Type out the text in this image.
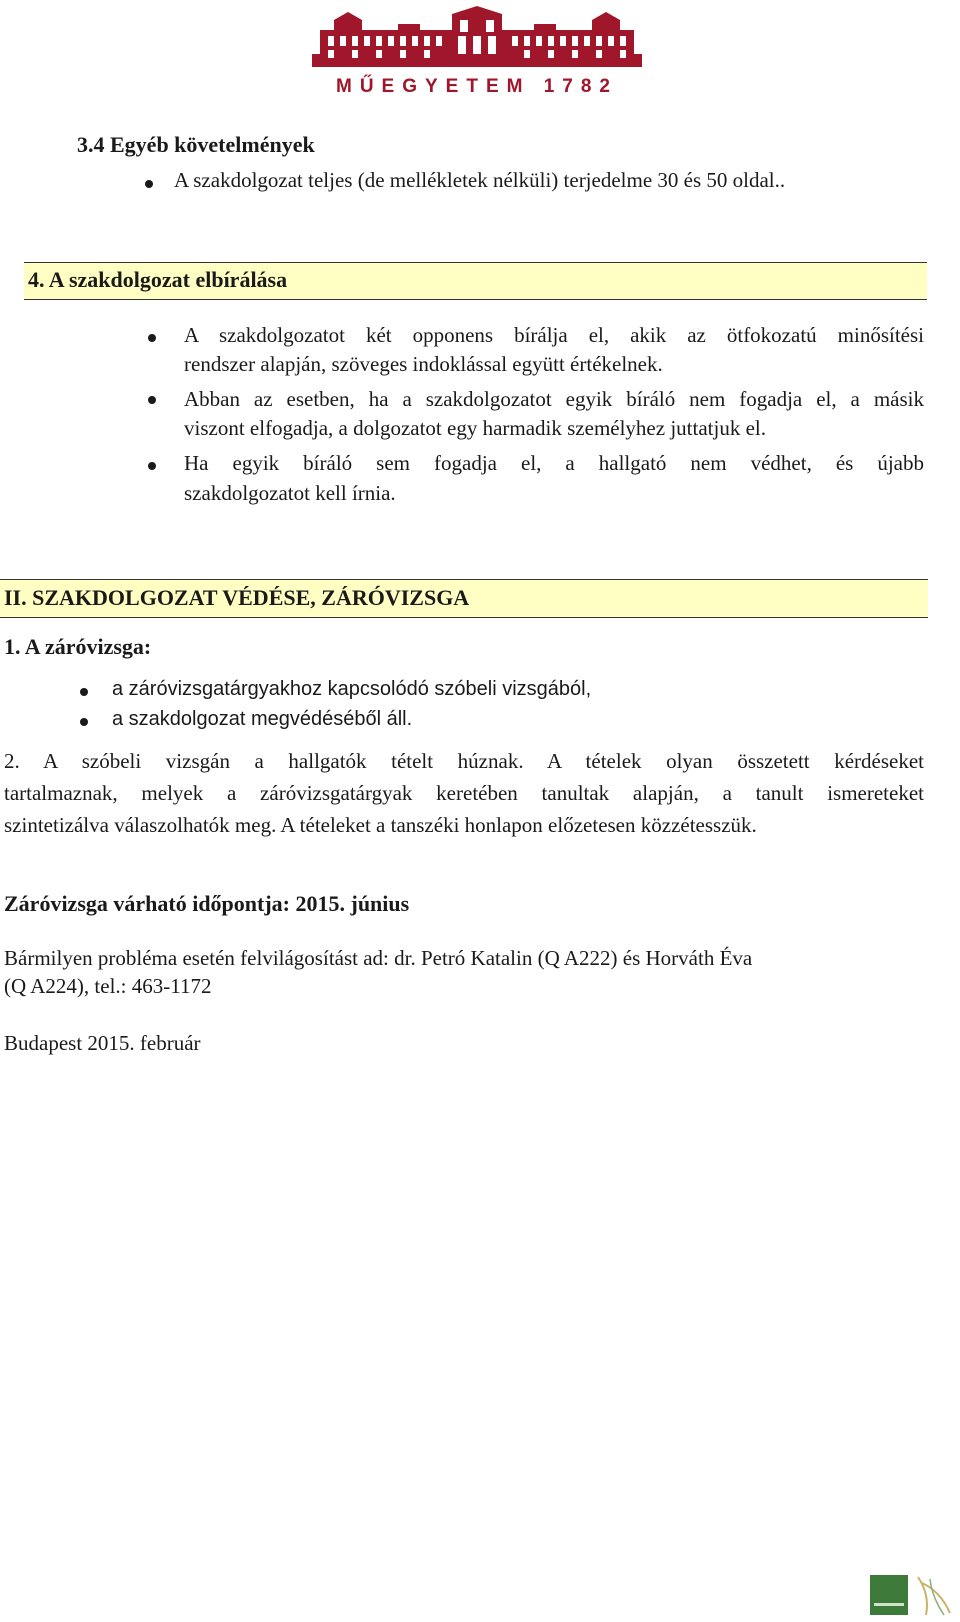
MŰEGYETEM 1782
3.4 Egyéb követelmények
A szakdolgozat teljes (de mellékletek nélküli) terjedelme 30 és 50 oldal..
4. A szakdolgozat elbírálása
A szakdolgozatot két opponens bírálja el, akik az ötfokozatú minősítési
rendszer alapján, szöveges indoklással együtt értékelnek.
Abban az esetben, ha a szakdolgozatot egyik bíráló nem fogadja el, a másik
viszont elfogadja, a dolgozatot egy harmadik személyhez juttatjuk el.
Ha egyik bíráló sem fogadja el, a hallgató nem védhet, és újabb
szakdolgozatot kell írnia.
II. SZAKDOLGOZAT VÉDÉSE, ZÁRÓVIZSGA
1. A záróvizsga:
a záróvizsgatárgyakhoz kapcsolódó szóbeli vizsgából,
a szakdolgozat megvédéséből áll.
2. A szóbeli vizsgán a hallgatók tételt húznak. A tételek olyan összetett kérdéseket
tartalmaznak, melyek a záróvizsgatárgyak keretében tanultak alapján, a tanult ismereteket
szintetizálva válaszolhatók meg. A tételeket a tanszéki honlapon előzetesen közzétesszük.
Záróvizsga várható időpontja: 2015. június
Bármilyen probléma esetén felvilágosítást ad: dr. Petró Katalin (Q A222) és Horváth Éva
(Q A224), tel.: 463-1172
Budapest 2015. február
